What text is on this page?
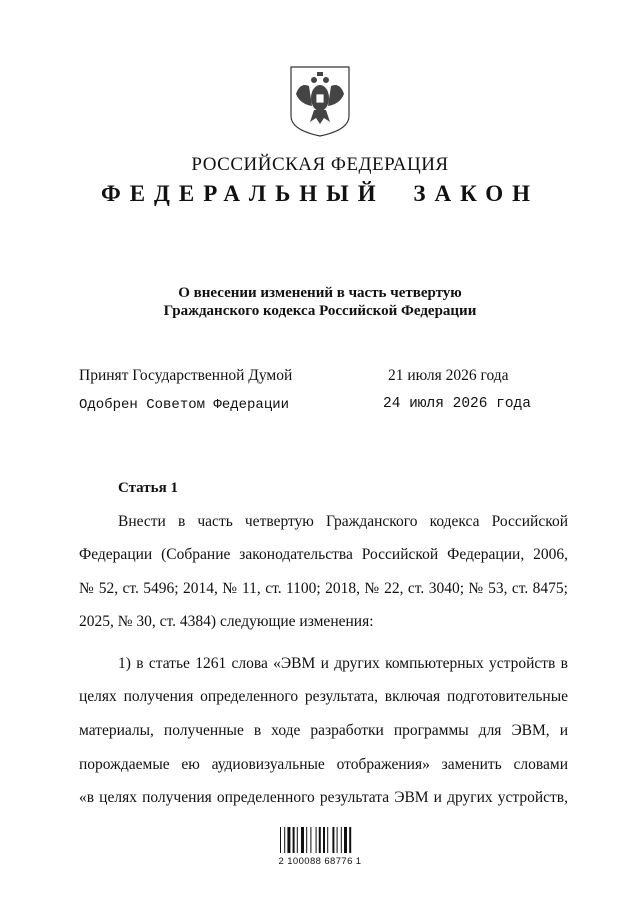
РОССИЙСКАЯ ФЕДЕРАЦИЯ
ФЕДЕРАЛЬНЫЙ ЗАКОН
О внесении изменений в часть четвертую
Гражданского кодекса Российской Федерации
Принят Государственной Думой	21 июля 2026 года
Одобрен Советом Федерации	24 июля 2026 года
Статья 1
Внести в часть четвертую Гражданского кодекса Российской
Федерации (Собрание законодательства Российской Федерации, 2006,
№ 52, ст. 5496; 2014, № 11, ст. 1100; 2018, № 22, ст. 3040; № 53, ст. 8475;
2025, № 30, ст. 4384) следующие изменения:
1) в статье 1261 слова «ЭВМ и других компьютерных устройств в
целях получения определенного результата, включая подготовительные
материалы, полученные в ходе разработки программы для ЭВМ, и
порождаемые ею аудиовизуальные отображения» заменить словами
«в целях получения определенного результата ЭВМ и других устройств,
2 100088 68776 1
